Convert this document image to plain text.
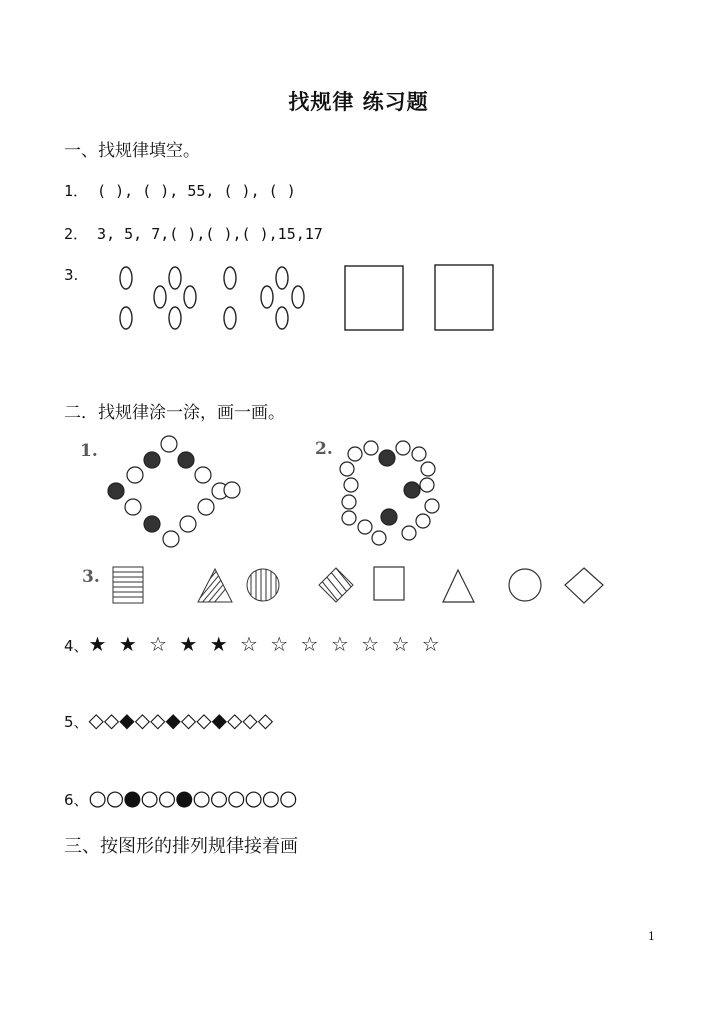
找规律 练习题
一、找规律填空。
1． ( ), ( ), 55, ( ), ( )
2． 3, 5, 7,( ),( ),( ),15,17
3.
二．找规律涂一涂，画一画。
1.	2.
3.
4、★ ★ ☆ ★ ★ ☆ ☆ ☆ ☆ ☆ ☆ ☆
5、◇◇◆◇◇◆◇◇◆◇◇◇
6、○○●○○●○○○○○○
三、按图形的排列规律接着画
1
